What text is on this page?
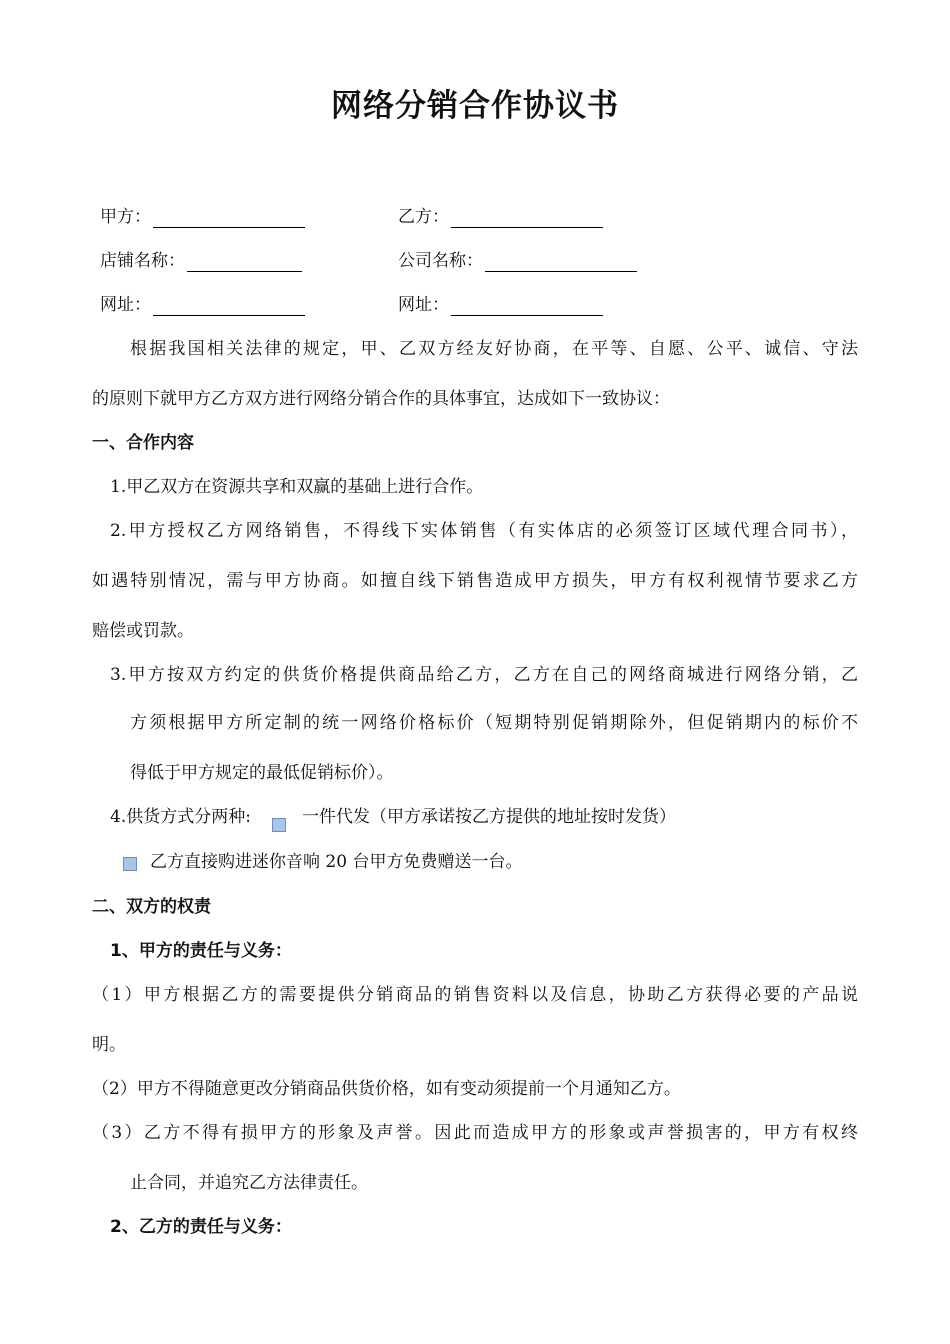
网络分销合作协议书
甲方：	乙方：
店铺名称：	公司名称：
网址：	网址：
根据我国相关法律的规定，甲、乙双方经友好协商，在平等、自愿、公平、诚信、守法
的原则下就甲方乙方双方进行网络分销合作的具体事宜，达成如下一致协议：
一、合作内容
1.甲乙双方在资源共享和双赢的基础上进行合作。
2.甲方授权乙方网络销售，不得线下实体销售（有实体店的必须签订区域代理合同书），
如遇特别情况，需与甲方协商。如擅自线下销售造成甲方损失，甲方有权利视情节要求乙方
赔偿或罚款。
3.甲方按双方约定的供货价格提供商品给乙方，乙方在自己的网络商城进行网络分销，乙
方须根据甲方所定制的统一网络价格标价（短期特别促销期除外，但促销期内的标价不
得低于甲方规定的最低促销标价）。
4.供货方式分两种:	一件代发（甲方承诺按乙方提供的地址按时发货）
乙方直接购进迷你音响 20 台甲方免费赠送一台。
二、双方的权责
1、甲方的责任与义务：
（1）甲方根据乙方的需要提供分销商品的销售资料以及信息，协助乙方获得必要的产品说
明。
（2）甲方不得随意更改分销商品供货价格，如有变动须提前一个月通知乙方。
（3）乙方不得有损甲方的形象及声誉。因此而造成甲方的形象或声誉损害的，甲方有权终
止合同，并追究乙方法律责任。
2、乙方的责任与义务：
